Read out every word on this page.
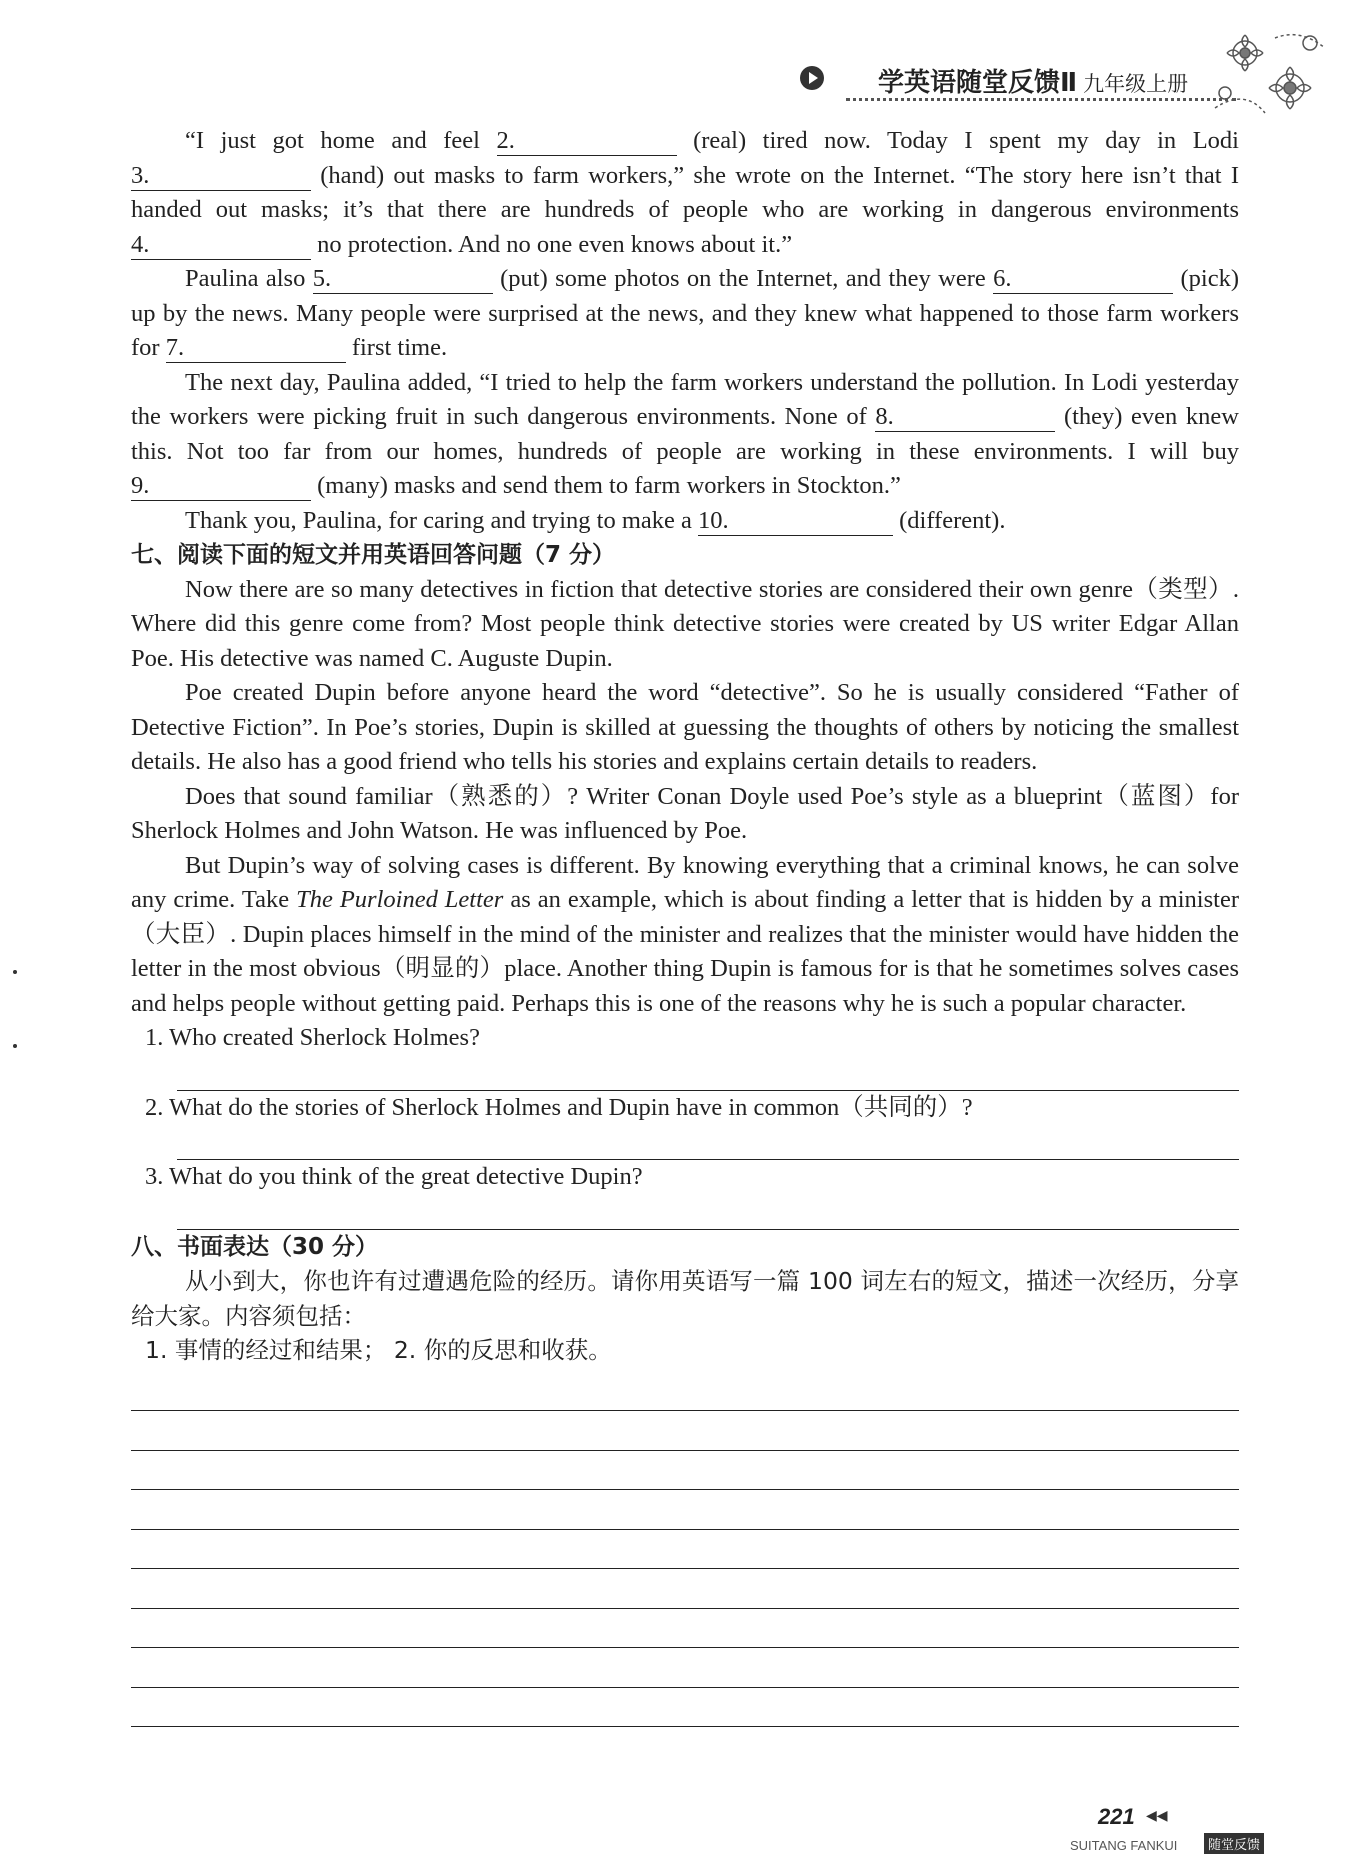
学英语随堂反馈Ⅱ 九年级上册

“I just got home and feel 2.	(real) tired now. Today I spent my day in Lodi 3.	(hand) out masks to farm workers,” she wrote on the Internet. “The story here isn’t that I handed out masks; it’s that there are hundreds of people who are working in dangerous environments 4.	no protection. And no one even knows about it.”

Paulina also 5.	(put) some photos on the Internet, and they were 6.	(pick) up by the news. Many people were surprised at the news, and they knew what happened to those farm workers for 7.	first time.

The next day, Paulina added, “I tried to help the farm workers understand the pollution. In Lodi yesterday the workers were picking fruit in such dangerous environments. None of 8.	(they) even knew this. Not too far from our homes, hundreds of people are working in these environments. I will buy 9.	(many) masks and send them to farm workers in Stockton.”

Thank you, Paulina, for caring and trying to make a 10.	(different).

七、阅读下面的短文并用英语回答问题（7 分）

Now there are so many detectives in fiction that detective stories are considered their own genre（类型）. Where did this genre come from? Most people think detective stories were created by US writer Edgar Allan Poe. His detective was named C. Auguste Dupin.

Poe created Dupin before anyone heard the word “detective”. So he is usually considered “Father of Detective Fiction”. In Poe’s stories, Dupin is skilled at guessing the thoughts of others by noticing the smallest details. He also has a good friend who tells his stories and explains certain details to readers.

Does that sound familiar（熟悉的）? Writer Conan Doyle used Poe’s style as a blueprint（蓝图）for Sherlock Holmes and John Watson. He was influenced by Poe.

But Dupin’s way of solving cases is different. By knowing everything that a criminal knows, he can solve any crime. Take The Purloined Letter as an example, which is about finding a letter that is hidden by a minister（大臣）. Dupin places himself in the mind of the minister and realizes that the minister would have hidden the letter in the most obvious（明显的）place. Another thing Dupin is famous for is that he sometimes solves cases and helps people without getting paid. Perhaps this is one of the reasons why he is such a popular character.

1. Who created Sherlock Holmes?

2. What do the stories of Sherlock Holmes and Dupin have in common（共同的）?

3. What do you think of the great detective Dupin?

八、书面表达（30 分）

从小到大，你也许有过遭遇危险的经历。请你用英语写一篇 100 词左右的短文，描述一次经历，分享给大家。内容须包括：

1. 事情的经过和结果； 2. 你的反思和收获。

221 ◀◀
SUITANG FANKUI	随堂反馈
